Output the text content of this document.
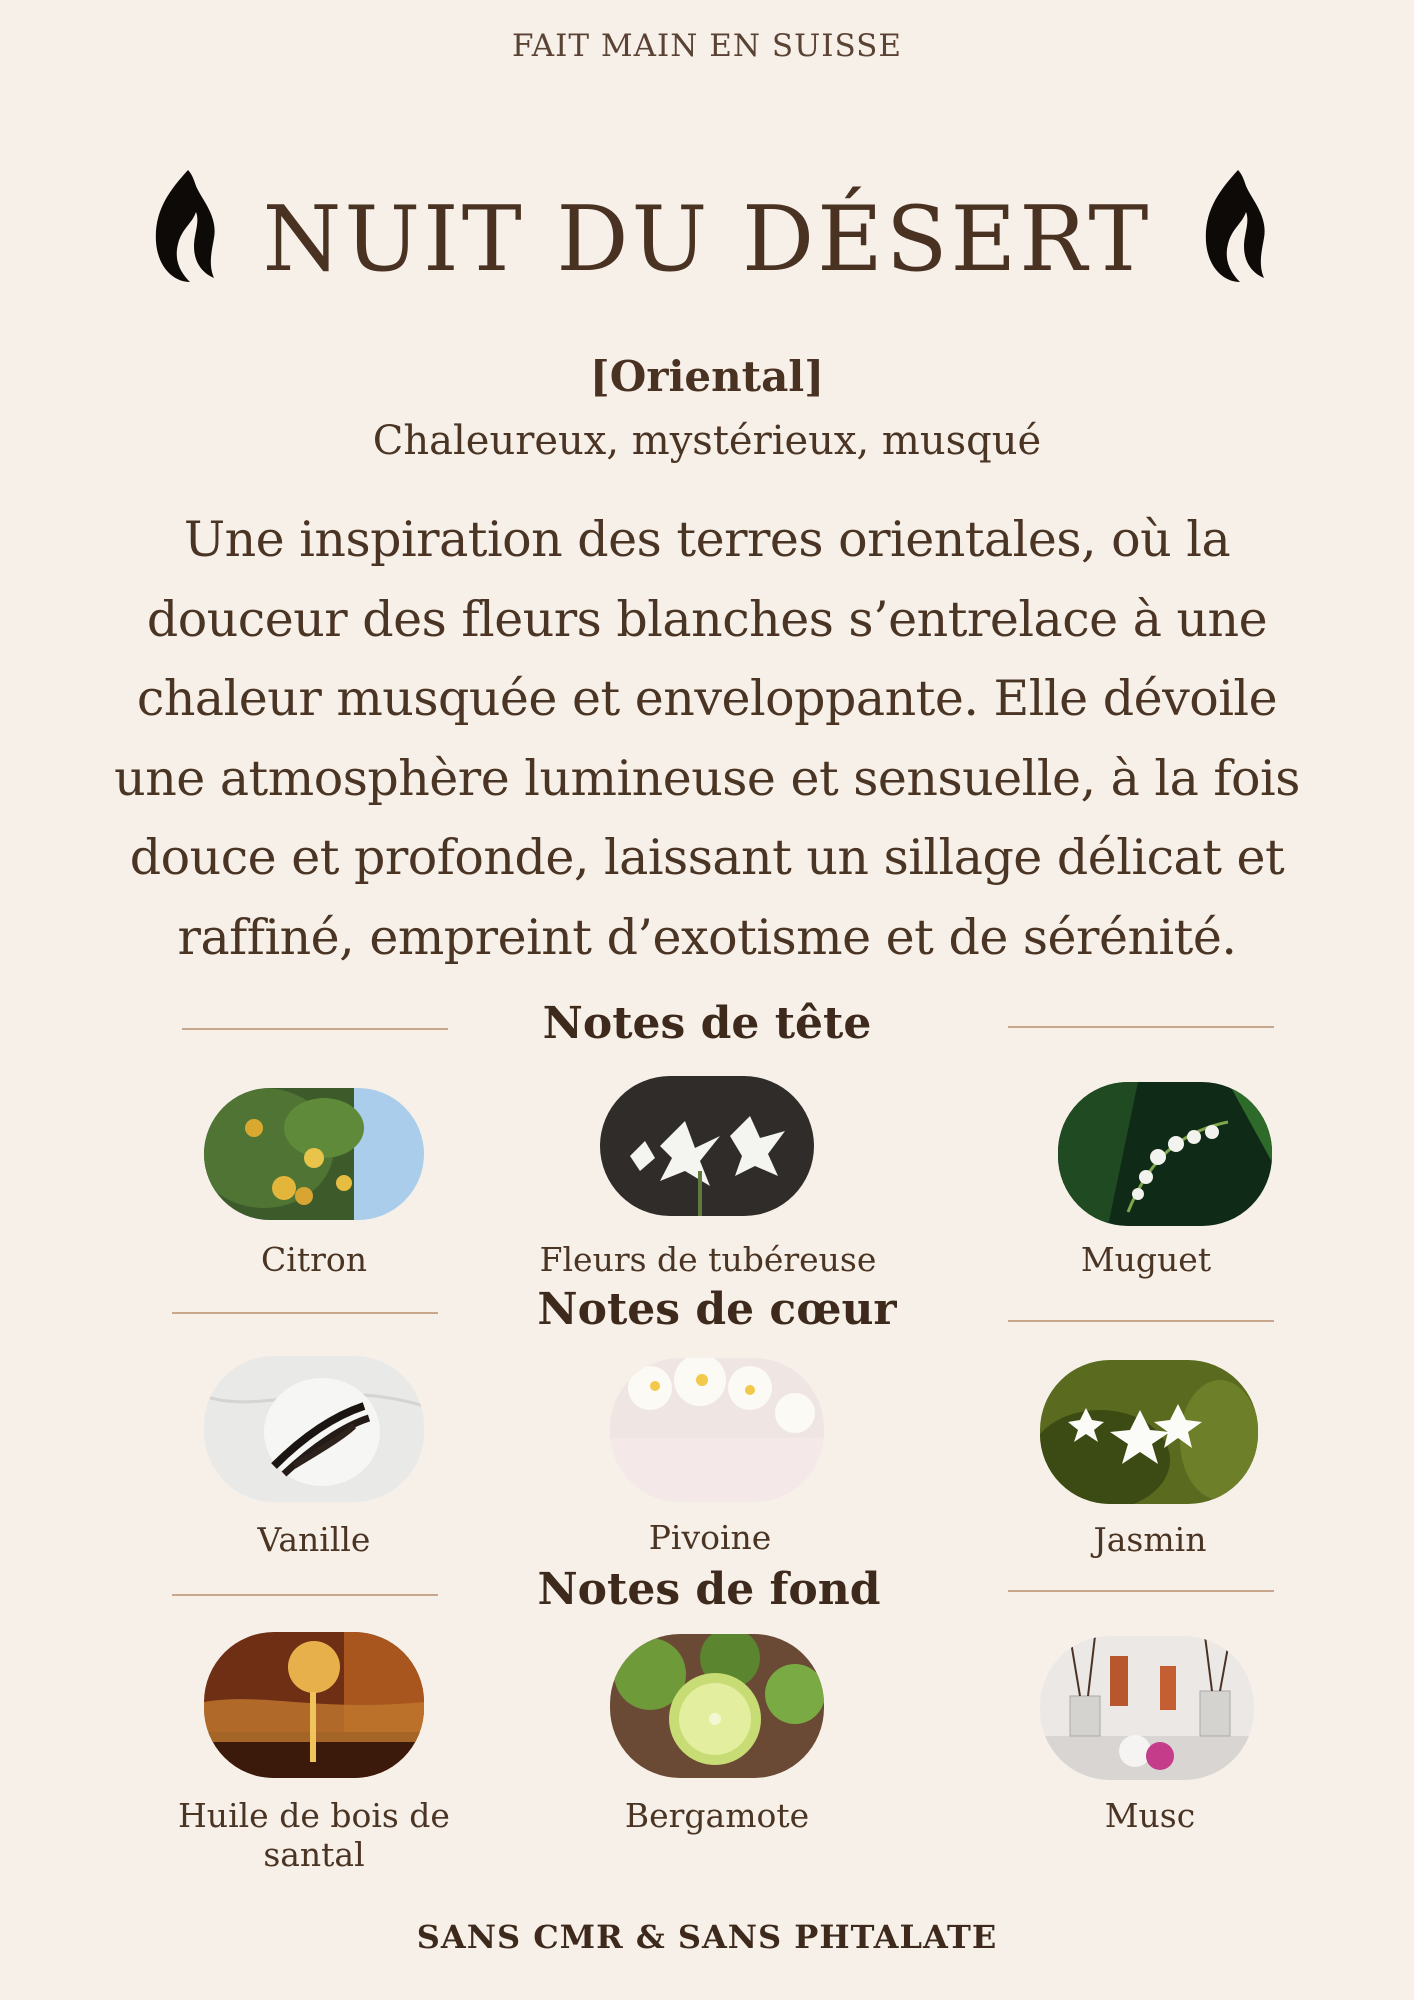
FAIT MAIN EN SUISSE
NUIT DU DÉSERT
[Oriental]
Chaleureux, mystérieux, musqué
Une inspiration des terres orientales, où la douceur des fleurs blanches s’entrelace à une chaleur musquée et enveloppante. Elle dévoile une atmosphère lumineuse et sensuelle, à la fois douce et profonde, laissant un sillage délicat et raffiné, empreint d’exotisme et de sérénité.
Notes de tête
Citron	Fleurs de tubéreuse	Muguet
Notes de cœur
Vanille	Pivoine	Jasmin
Notes de fond
Huile de bois de santal
Bergamote	Musc
SANS CMR & SANS PHTALATE
